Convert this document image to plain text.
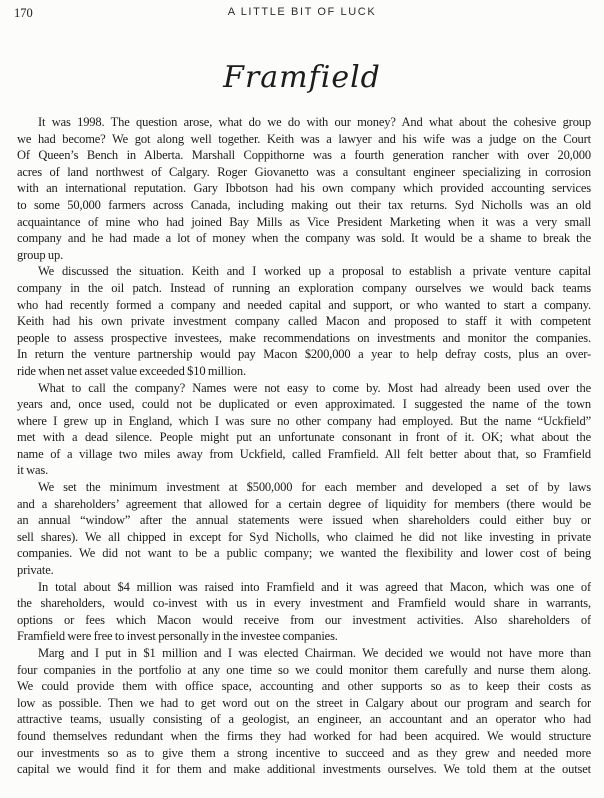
170	A LITTLE BIT OF LUCK
Framfield
It was 1998. The question arose, what do we do with our money? And what about the cohesive group
we had become? We got along well together. Keith was a lawyer and his wife was a judge on the Court
Of Queen’s Bench in Alberta. Marshall Coppithorne was a fourth generation rancher with over 20,000
acres of land northwest of Calgary. Roger Giovanetto was a consultant engineer specializing in corrosion
with an international reputation. Gary Ibbotson had his own company which provided accounting services
to some 50,000 farmers across Canada, including making out their tax returns. Syd Nicholls was an old
acquaintance of mine who had joined Bay Mills as Vice President Marketing when it was a very small
company and he had made a lot of money when the company was sold. It would be a shame to break the
group up.
We discussed the situation. Keith and I worked up a proposal to establish a private venture capital
company in the oil patch. Instead of running an exploration company ourselves we would back teams
who had recently formed a company and needed capital and support, or who wanted to start a company.
Keith had his own private investment company called Macon and proposed to staff it with competent
people to assess prospective investees, make recommendations on investments and monitor the companies.
In return the venture partnership would pay Macon $200,000 a year to help defray costs, plus an over-
ride when net asset value exceeded $10 million.
What to call the company? Names were not easy to come by. Most had already been used over the
years and, once used, could not be duplicated or even approximated. I suggested the name of the town
where I grew up in England, which I was sure no other company had employed. But the name “Uckfield”
met with a dead silence. People might put an unfortunate consonant in front of it. OK; what about the
name of a village two miles away from Uckfield, called Framfield. All felt better about that, so Framfield
it was.
We set the minimum investment at $500,000 for each member and developed a set of by laws
and a shareholders’ agreement that allowed for a certain degree of liquidity for members (there would be
an annual “window” after the annual statements were issued when shareholders could either buy or
sell shares). We all chipped in except for Syd Nicholls, who claimed he did not like investing in private
companies. We did not want to be a public company; we wanted the flexibility and lower cost of being
private.
In total about $4 million was raised into Framfield and it was agreed that Macon, which was one of
the shareholders, would co-invest with us in every investment and Framfield would share in warrants,
options or fees which Macon would receive from our investment activities. Also shareholders of
Framfield were free to invest personally in the investee companies.
Marg and I put in $1 million and I was elected Chairman. We decided we would not have more than
four companies in the portfolio at any one time so we could monitor them carefully and nurse them along.
We could provide them with office space, accounting and other supports so as to keep their costs as
low as possible. Then we had to get word out on the street in Calgary about our program and search for
attractive teams, usually consisting of a geologist, an engineer, an accountant and an operator who had
found themselves redundant when the firms they had worked for had been acquired. We would structure
our investments so as to give them a strong incentive to succeed and as they grew and needed more
capital we would find it for them and make additional investments ourselves. We told them at the outset
